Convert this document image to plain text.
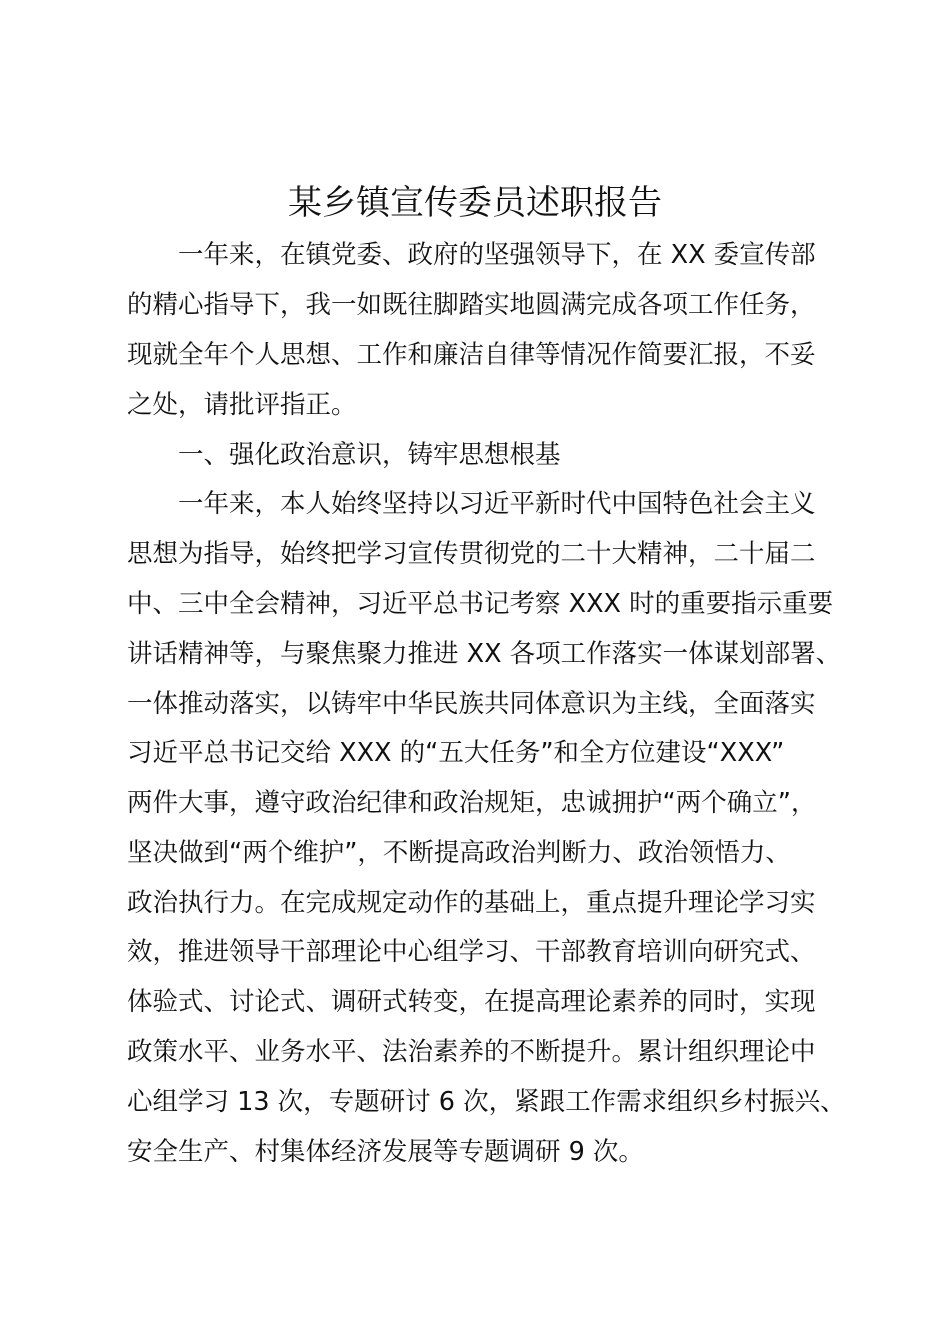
某乡镇宣传委员述职报告

一年来，在镇党委、政府的坚强领导下，在 XX 委宣传部

的精心指导下，我一如既往脚踏实地圆满完成各项工作任务，

现就全年个人思想、工作和廉洁自律等情况作简要汇报，不妥

之处，请批评指正。

一、强化政治意识，铸牢思想根基

一年来，本人始终坚持以习近平新时代中国特色社会主义

思想为指导，始终把学习宣传贯彻党的二十大精神，二十届二

中、三中全会精神，习近平总书记考察 XXX 时的重要指示重要

讲话精神等，与聚焦聚力推进 XX 各项工作落实一体谋划部署、

一体推动落实，以铸牢中华民族共同体意识为主线，全面落实

习近平总书记交给 XXX 的“五大任务”和全方位建设“XXX”

两件大事，遵守政治纪律和政治规矩，忠诚拥护“两个确立”，

坚决做到“两个维护”，不断提高政治判断力、政治领悟力、

政治执行力。在完成规定动作的基础上，重点提升理论学习实

效，推进领导干部理论中心组学习、干部教育培训向研究式、

体验式、讨论式、调研式转变，在提高理论素养的同时，实现

政策水平、业务水平、法治素养的不断提升。累计组织理论中

心组学习 13 次，专题研讨 6 次，紧跟工作需求组织乡村振兴、

安全生产、村集体经济发展等专题调研 9 次。
